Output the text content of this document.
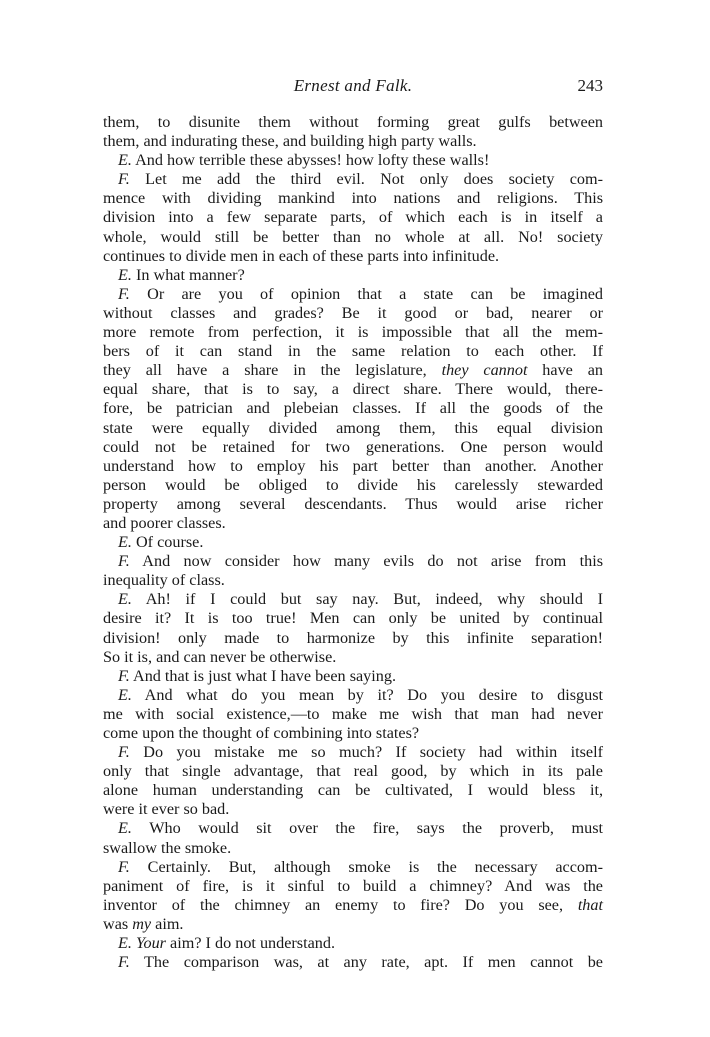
Ernest and Falk.	243
them, to disunite them without forming great gulfs between
them, and indurating these, and building high party walls.
E. And how terrible these abysses! how lofty these walls!
F. Let me add the third evil. Not only does society com-
mence with dividing mankind into nations and religions. This
division into a few separate parts, of which each is in itself a
whole, would still be better than no whole at all. No! society
continues to divide men in each of these parts into infinitude.
E. In what manner?
F. Or are you of opinion that a state can be imagined
without classes and grades? Be it good or bad, nearer or
more remote from perfection, it is impossible that all the mem-
bers of it can stand in the same relation to each other. If
they all have a share in the legislature, they cannot have an
equal share, that is to say, a direct share. There would, there-
fore, be patrician and plebeian classes. If all the goods of the
state were equally divided among them, this equal division
could not be retained for two generations. One person would
understand how to employ his part better than another. Another
person would be obliged to divide his carelessly stewarded
property among several descendants. Thus would arise richer
and poorer classes.
E. Of course.
F. And now consider how many evils do not arise from this
inequality of class.
E. Ah! if I could but say nay. But, indeed, why should I
desire it? It is too true! Men can only be united by continual
division! only made to harmonize by this infinite separation!
So it is, and can never be otherwise.
F. And that is just what I have been saying.
E. And what do you mean by it? Do you desire to disgust
me with social existence,—to make me wish that man had never
come upon the thought of combining into states?
F. Do you mistake me so much? If society had within itself
only that single advantage, that real good, by which in its pale
alone human understanding can be cultivated, I would bless it,
were it ever so bad.
E. Who would sit over the fire, says the proverb, must
swallow the smoke.
F. Certainly. But, although smoke is the necessary accom-
paniment of fire, is it sinful to build a chimney? And was the
inventor of the chimney an enemy to fire? Do you see, that
was my aim.
E. Your aim? I do not understand.
F. The comparison was, at any rate, apt. If men cannot be
